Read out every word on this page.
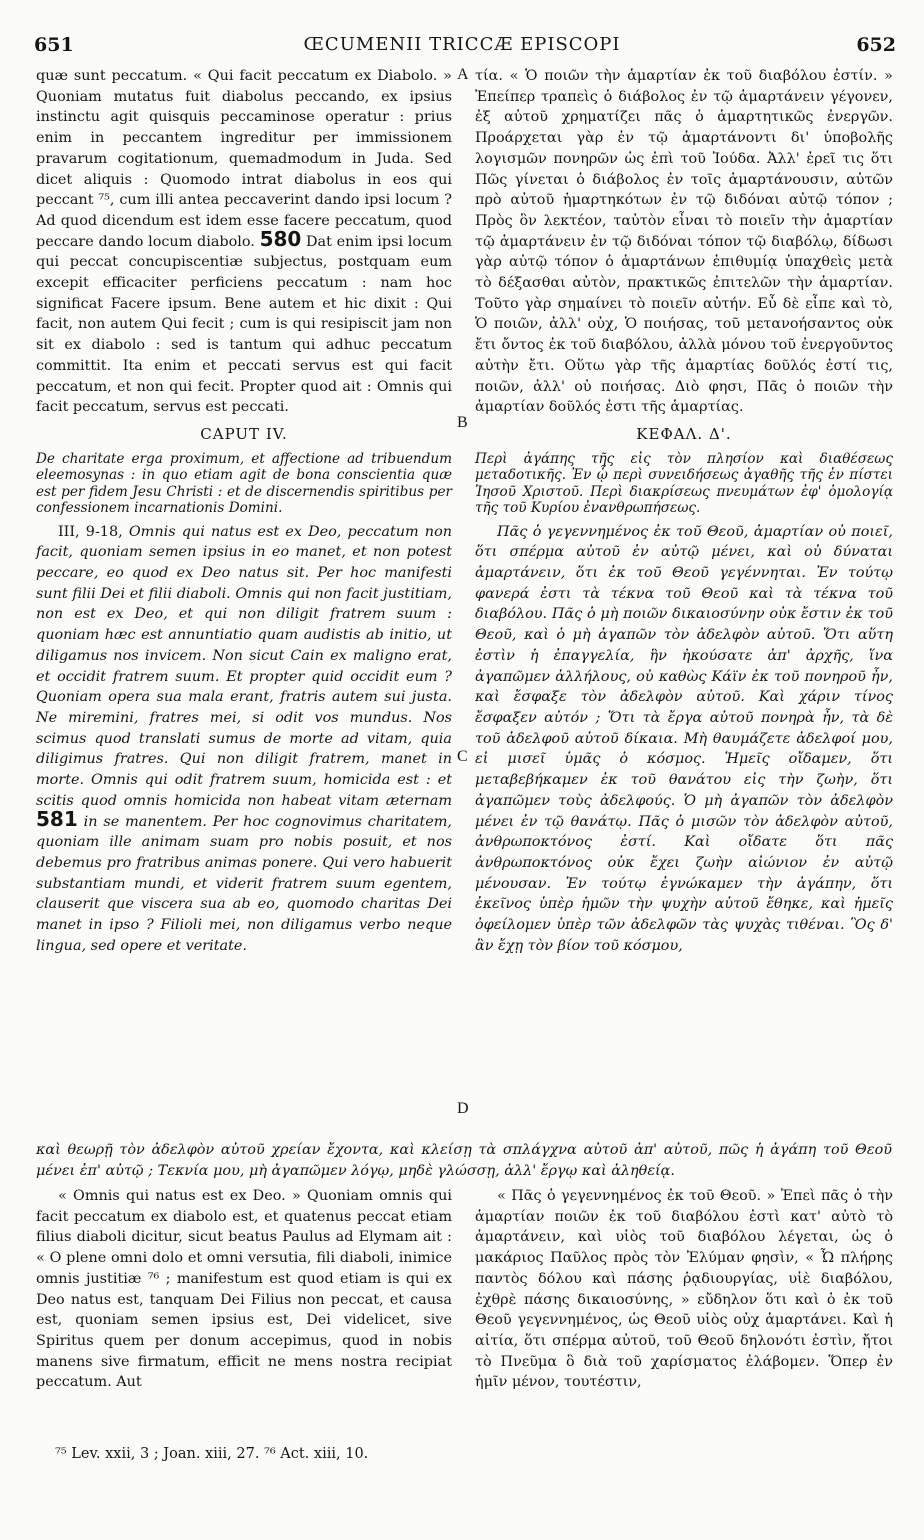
ŒCUMENII TRICCÆ EPISCOPI
651	652

quæ sunt peccatum. « Qui facit peccatum ex Diabolo. » Quoniam mutatus fuit diabolus peccando, ex ipsius instinctu agit quisquis peccaminose operatur : prius enim in peccantem ingreditur per immissionem pravarum cogitationum, quemadmodum in Juda. Sed dicet aliquis : Quomodo intrat diabolus in eos qui peccant ⁷⁵, cum illi antea peccaverint dando ipsi locum ? Ad quod dicendum est idem esse facere peccatum, quod peccare dando locum diabolo. 580 Dat enim ipsi locum qui peccat concupiscentiæ subjectus, postquam eum excepit efficaciter perficiens peccatum : nam hoc significat Facere ipsum. Bene autem et hic dixit : Qui facit, non autem Qui fecit ; cum is qui resipiscit jam non sit ex diabolo : sed is tantum qui adhuc peccatum committit. Ita enim et peccati servus est qui facit peccatum, et non qui fecit. Propter quod ait : Omnis qui facit peccatum, servus est peccati.

CAPUT IV.

De charitate erga proximum, et affectione ad tribuendum eleemosynas : in quo etiam agit de bona conscientia quæ est per fidem Jesu Christi : et de discernendis spiritibus per confessionem incarnationis Domini.

III, 9-18, Omnis qui natus est ex Deo, peccatum non facit, quoniam semen ipsius in eo manet, et non potest peccare, eo quod ex Deo natus sit. Per hoc manifesti sunt filii Dei et filii diaboli. Omnis qui non facit justitiam, non est ex Deo, et qui non diligit fratrem suum : quoniam hæc est annuntiatio quam audistis ab initio, ut diligamus nos invicem. Non sicut Cain ex maligno erat, et occidit fratrem suum. Et propter quid occidit eum ? Quoniam opera sua mala erant, fratris autem sui justa. Ne miremini, fratres mei, si odit vos mundus. Nos scimus quod translati sumus de morte ad vitam, quia diligimus fratres. Qui non diligit fratrem, manet in morte. Omnis qui odit fratrem suum, homicida est : et scitis quod omnis homicida non habeat vitam æternam 581 in se manentem. Per hoc cognovimus charitatem, quoniam ille animam suam pro nobis posuit, et nos debemus pro fratribus animas ponere. Qui vero habuerit substantiam mundi, et viderit fratrem suum egentem, clauserit que viscera sua ab eo, quomodo charitas Dei manet in ipso ? Filioli mei, non diligamus verbo neque lingua, sed opere et veritate.

τία. « Ὁ ποιῶν τὴν ἁμαρτίαν ἐκ τοῦ διαβόλου ἐστίν. » Ἐπείπερ τραπεὶς ὁ διάβολος ἐν τῷ ἁμαρτάνειν γέγονεν, ἐξ αὐτοῦ χρηματίζει πᾶς ὁ ἁμαρτητικῶς ἐνεργῶν. Προάρχεται γὰρ ἐν τῷ ἁμαρτάνοντι δι' ὑποβολῆς λογισμῶν πονηρῶν ὡς ἐπὶ τοῦ Ἰούδα. Ἀλλ' ἐρεῖ τις ὅτι Πῶς γίνεται ὁ διάβολος ἐν τοῖς ἁμαρτάνουσιν, αὐτῶν πρὸ αὐτοῦ ἡμαρτηκότων ἐν τῷ διδόναι αὐτῷ τόπον ; Πρὸς ὃν λεκτέον, ταὐτὸν εἶναι τὸ ποιεῖν τὴν ἁμαρτίαν τῷ ἁμαρτάνειν ἐν τῷ διδόναι τόπον τῷ διαβόλῳ, δίδωσι γὰρ αὐτῷ τόπον ὁ ἁμαρτάνων ἐπιθυμίᾳ ὑπαχθεὶς μετὰ τὸ δέξασθαι αὐτὸν, πρακτικῶς ἐπιτελῶν τὴν ἁμαρτίαν. Τοῦτο γὰρ σημαίνει τὸ ποιεῖν αὐτήν. Εὖ δὲ εἶπε καὶ τὸ, Ὁ ποιῶν, ἀλλ' οὐχ, Ὁ ποιήσας, τοῦ μετανοήσαντος οὐκ ἔτι ὄντος ἐκ τοῦ διαβόλου, ἀλλὰ μόνου τοῦ ἐνεργοῦντος αὐτὴν ἔτι. Οὕτω γὰρ τῆς ἁμαρτίας δοῦλός ἐστί τις, ποιῶν, ἀλλ' οὐ ποιήσας. Διὸ φησι, Πᾶς ὁ ποιῶν τὴν ἁμαρτίαν δοῦλός ἐστι τῆς ἁμαρτίας.

ΚΕΦΑΛ. Δ'.

Περὶ ἀγάπης τῆς εἰς τὸν πλησίον καὶ διαθέσεως μεταδοτικῆς. Ἐν ᾧ περὶ συνειδήσεως ἀγαθῆς τῆς ἐν πίστει Ἰησοῦ Χριστοῦ. Περὶ διακρίσεως πνευμάτων ἐφ' ὁμολογίᾳ τῆς τοῦ Κυρίου ἐνανθρωπήσεως.

Πᾶς ὁ γεγεννημένος ἐκ τοῦ Θεοῦ, ἁμαρτίαν οὐ ποιεῖ, ὅτι σπέρμα αὐτοῦ ἐν αὐτῷ μένει, καὶ οὐ δύναται ἁμαρτάνειν, ὅτι ἐκ τοῦ Θεοῦ γεγέννηται. Ἐν τούτῳ φανερά ἐστι τὰ τέκνα τοῦ Θεοῦ καὶ τὰ τέκνα τοῦ διαβόλου. Πᾶς ὁ μὴ ποιῶν δικαιοσύνην οὐκ ἔστιν ἐκ τοῦ Θεοῦ, καὶ ὁ μὴ ἀγαπῶν τὸν ἀδελφὸν αὐτοῦ. Ὅτι αὕτη ἐστὶν ἡ ἐπαγγελία, ἣν ἠκούσατε ἀπ' ἀρχῆς, ἵνα ἀγαπῶμεν ἀλλήλους, οὐ καθὼς Κάϊν ἐκ τοῦ πονηροῦ ἦν, καὶ ἔσφαξε τὸν ἀδελφὸν αὐτοῦ. Καὶ χάριν τίνος ἔσφαξεν αὐτόν ; Ὅτι τὰ ἔργα αὐτοῦ πονηρὰ ἦν, τὰ δὲ τοῦ ἀδελφοῦ αὐτοῦ δίκαια. Μὴ θαυμάζετε ἀδελφοί μου, εἰ μισεῖ ὑμᾶς ὁ κόσμος. Ἡμεῖς οἴδαμεν, ὅτι μεταβεβήκαμεν ἐκ τοῦ θανάτου εἰς τὴν ζωὴν, ὅτι ἀγαπῶμεν τοὺς ἀδελφούς. Ὁ μὴ ἀγαπῶν τὸν ἀδελφὸν μένει ἐν τῷ θανάτῳ. Πᾶς ὁ μισῶν τὸν ἀδελφὸν αὐτοῦ, ἀνθρωποκτόνος ἐστί. Καὶ οἴδατε ὅτι πᾶς ἀνθρωποκτόνος οὐκ ἔχει ζωὴν αἰώνιον ἐν αὐτῷ μένουσαν. Ἐν τούτῳ ἐγνώκαμεν τὴν ἀγάπην, ὅτι ἐκεῖνος ὑπὲρ ἡμῶν τὴν ψυχὴν αὐτοῦ ἔθηκε, καὶ ἡμεῖς ὀφείλομεν ὑπὲρ τῶν ἀδελφῶν τὰς ψυχὰς τιθέναι. Ὃς δ' ἂν ἔχῃ τὸν βίον τοῦ κόσμου,

καὶ θεωρῇ τὸν ἀδελφὸν αὐτοῦ χρείαν ἔχοντα, καὶ κλείσῃ τὰ σπλάγχνα αὐτοῦ ἀπ' αὐτοῦ, πῶς ἡ ἀγάπη τοῦ Θεοῦ μένει ἐπ' αὐτῷ ; Τεκνία μου, μὴ ἀγαπῶμεν λόγῳ, μηδὲ γλώσσῃ, ἀλλ' ἔργῳ καὶ ἀληθείᾳ.

« Omnis qui natus est ex Deo. » Quoniam omnis qui facit peccatum ex diabolo est, et quatenus peccat etiam filius diaboli dicitur, sicut beatus Paulus ad Elymam ait : « O plene omni dolo et omni versutia, fili diaboli, inimice omnis justitiæ ⁷⁶ ; manifestum est quod etiam is qui ex Deo natus est, tanquam Dei Filius non peccat, et causa est, quoniam semen ipsius est, Dei videlicet, sive Spiritus quem per donum accepimus, quod in nobis manens sive firmatum, efficit ne mens nostra recipiat peccatum. Aut

« Πᾶς ὁ γεγεννημένος ἐκ τοῦ Θεοῦ. » Ἐπεὶ πᾶς ὁ τὴν ἁμαρτίαν ποιῶν ἐκ τοῦ διαβόλου ἐστὶ κατ' αὐτὸ τὸ ἁμαρτάνειν, καὶ υἱὸς τοῦ διαβόλου λέγεται, ὡς ὁ μακάριος Παῦλος πρὸς τὸν Ἐλύμαν φησὶν, « Ὦ πλήρης παντὸς δόλου καὶ πάσης ῥᾳδιουργίας, υἱὲ διαβόλου, ἐχθρὲ πάσης δικαιοσύνης, » εὔδηλον ὅτι καὶ ὁ ἐκ τοῦ Θεοῦ γεγεννημένος, ὡς Θεοῦ υἱὸς οὐχ ἁμαρτάνει. Καὶ ἡ αἰτία, ὅτι σπέρμα αὐτοῦ, τοῦ Θεοῦ δηλονότι ἐστὶν, ἤτοι τὸ Πνεῦμα ὃ διὰ τοῦ χαρίσματος ἐλάβομεν. Ὅπερ ἐν ἡμῖν μένον, τουτέστιν,

A
B
C
D
⁷⁵ Lev. xxii, 3 ; Joan. xiii, 27. ⁷⁶ Act. xiii, 10.
